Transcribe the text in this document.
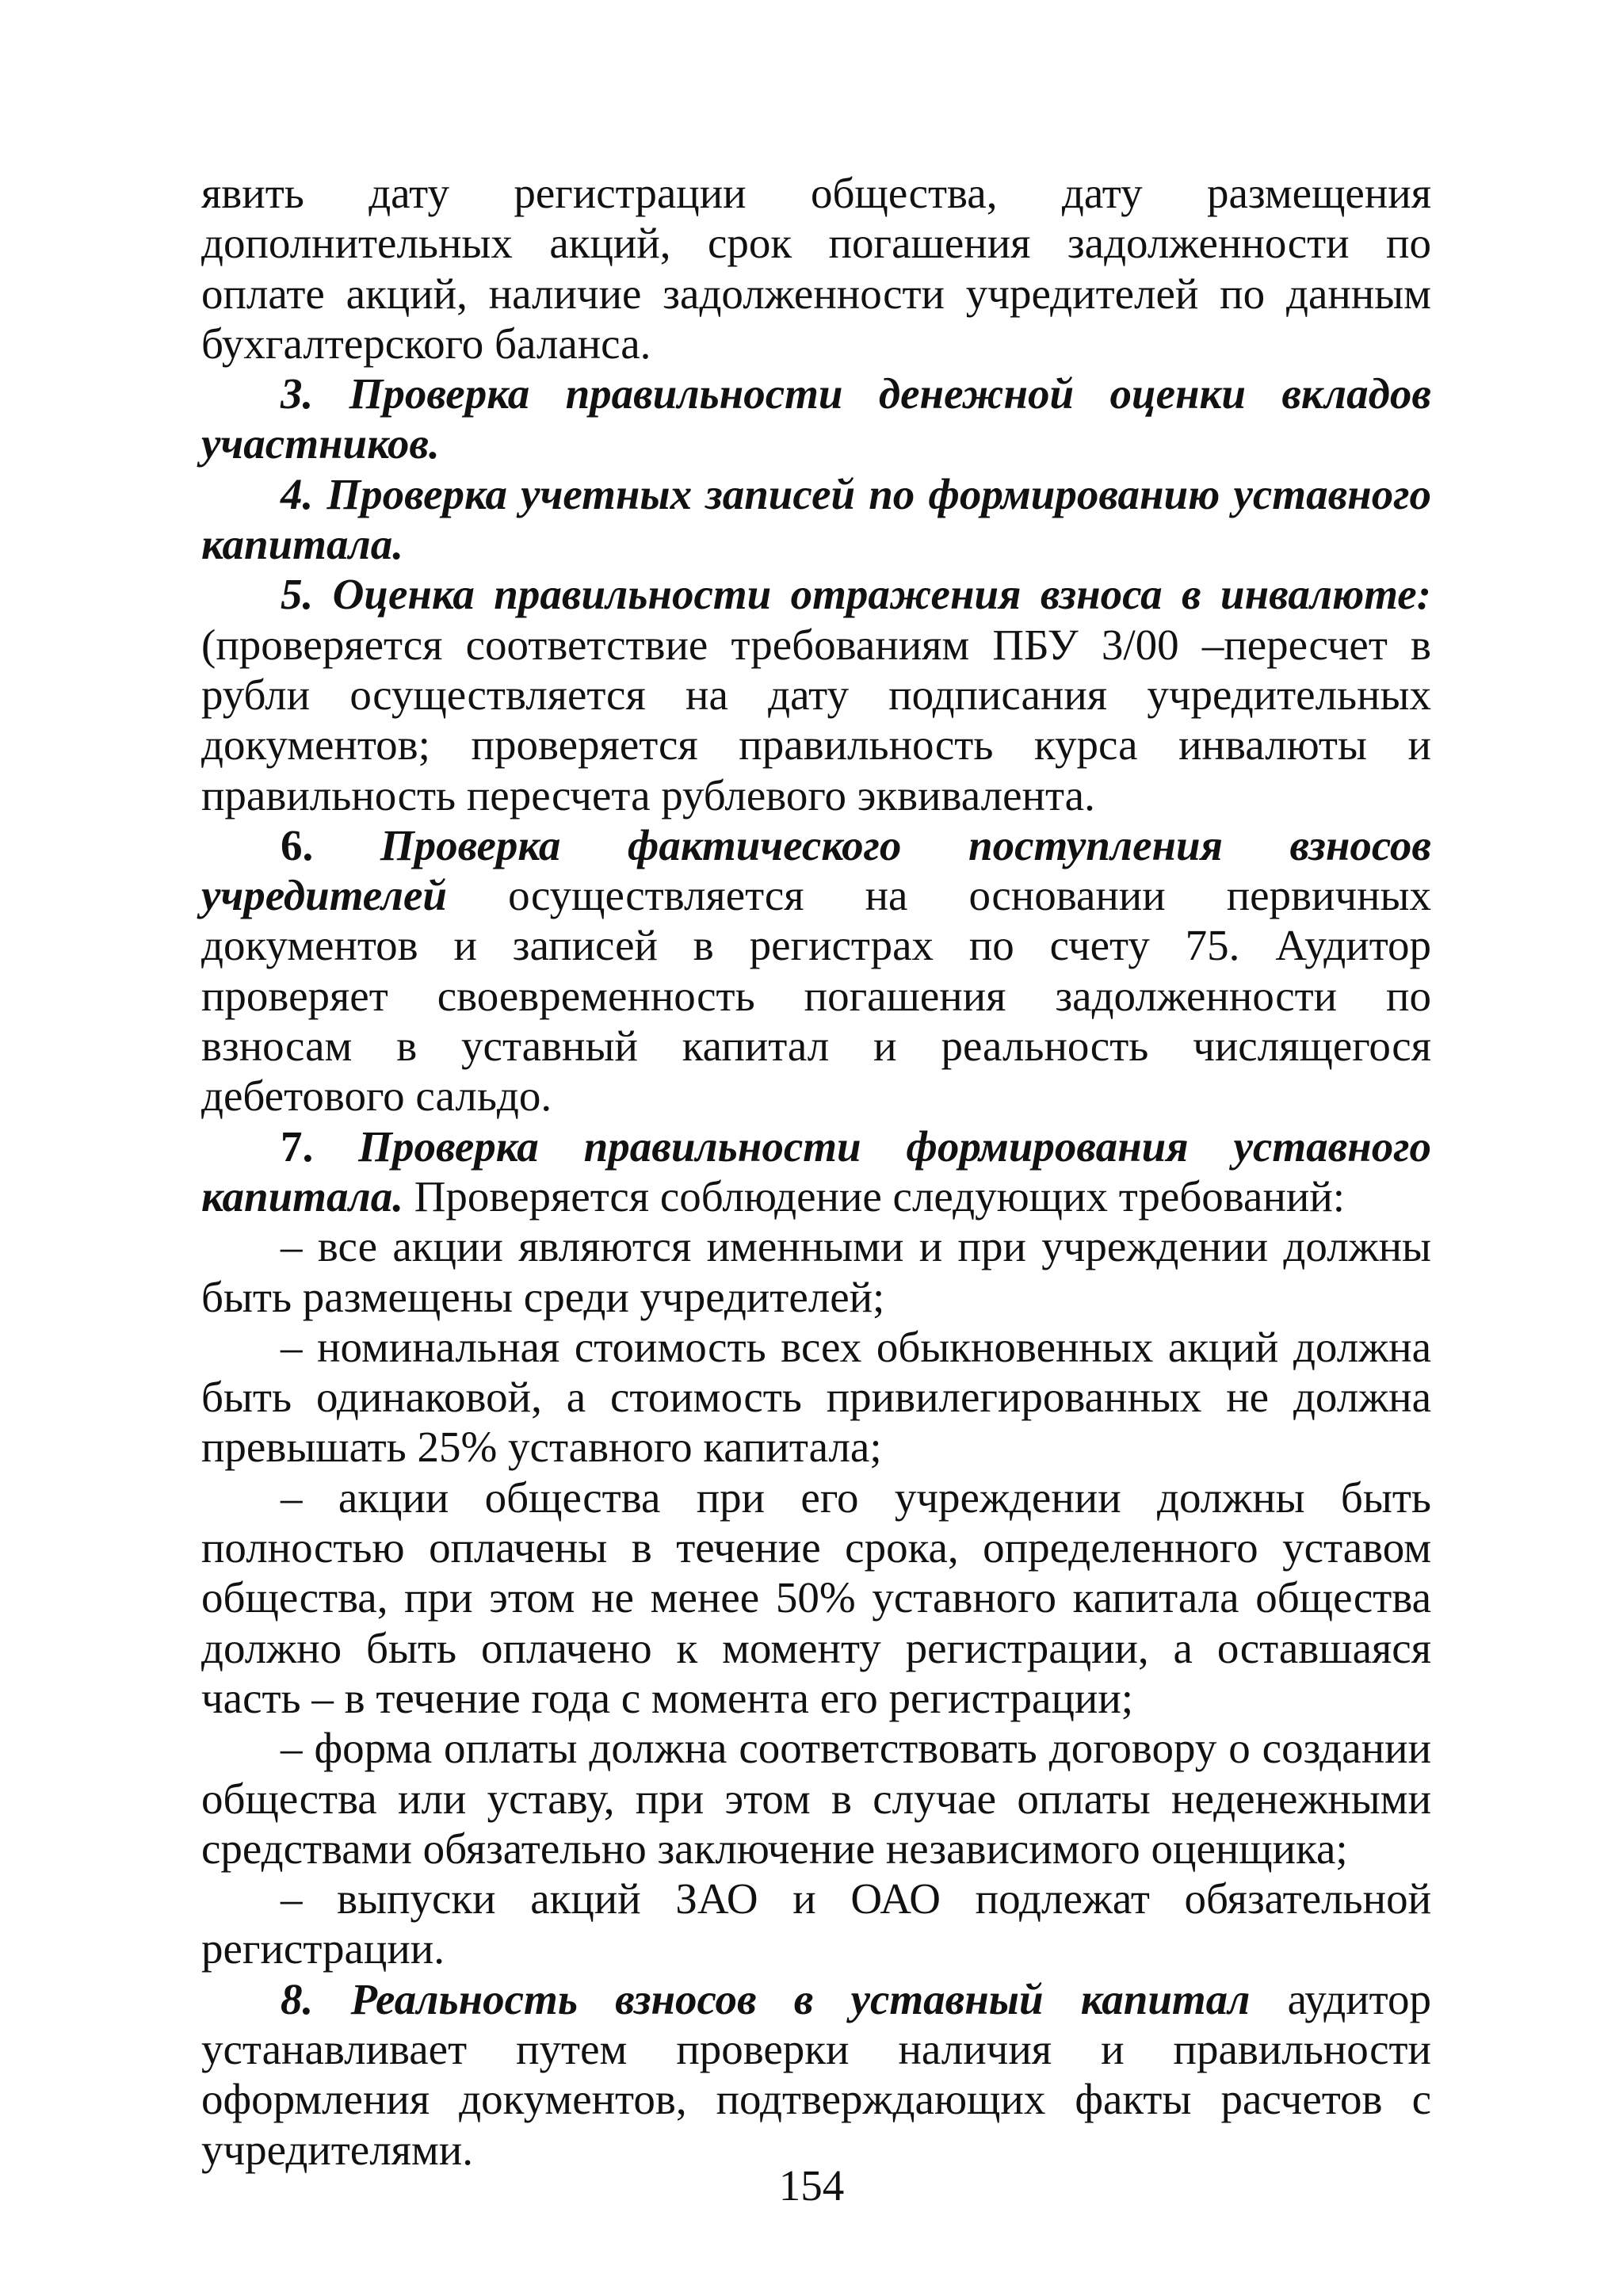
явить дату регистрации общества, дату размещения дополнительных акций, срок погашения задолженности по оплате акций, наличие задолженности учредителей по данным бухгалтерского баланса.

3. Проверка правильности денежной оценки вкладов участников.

4. Проверка учетных записей по формированию уставного капитала.

5. Оценка правильности отражения взноса в инвалюте: (проверяется соответствие требованиям ПБУ 3/00 –пересчет в рубли осуществляется на дату подписания учредительных документов; проверяется правильность курса инвалюты и правильность пересчета рублевого эквивалента.

6. Проверка фактического поступления взносов учредителей осуществляется на основании первичных документов и записей в регистрах по счету 75. Аудитор проверяет своевременность погашения задолженности по взносам в уставный капитал и реальность числящегося дебетового сальдо.

7. Проверка правильности формирования уставного капитала. Проверяется соблюдение следующих требований:

– все акции являются именными и при учреждении должны быть размещены среди учредителей;

– номинальная стоимость всех обыкновенных акций должна быть одинаковой, а стоимость привилегированных не должна превышать 25% уставного капитала;

– акции общества при его учреждении должны быть полностью оплачены в течение срока, определенного уставом общества, при этом не менее 50% уставного капитала общества должно быть оплачено к моменту регистрации, а оставшаяся часть – в течение года с момента его регистрации;

– форма оплаты должна соответствовать договору о создании общества или уставу, при этом в случае оплаты неденежными средствами обязательно заключение независимого оценщика;

– выпуски акций ЗАО и ОАО подлежат обязательной регистрации.

8. Реальность взносов в уставный капитал аудитор устанавливает путем проверки наличия и правильности оформления документов, подтверждающих факты расчетов с учредителями.

154
